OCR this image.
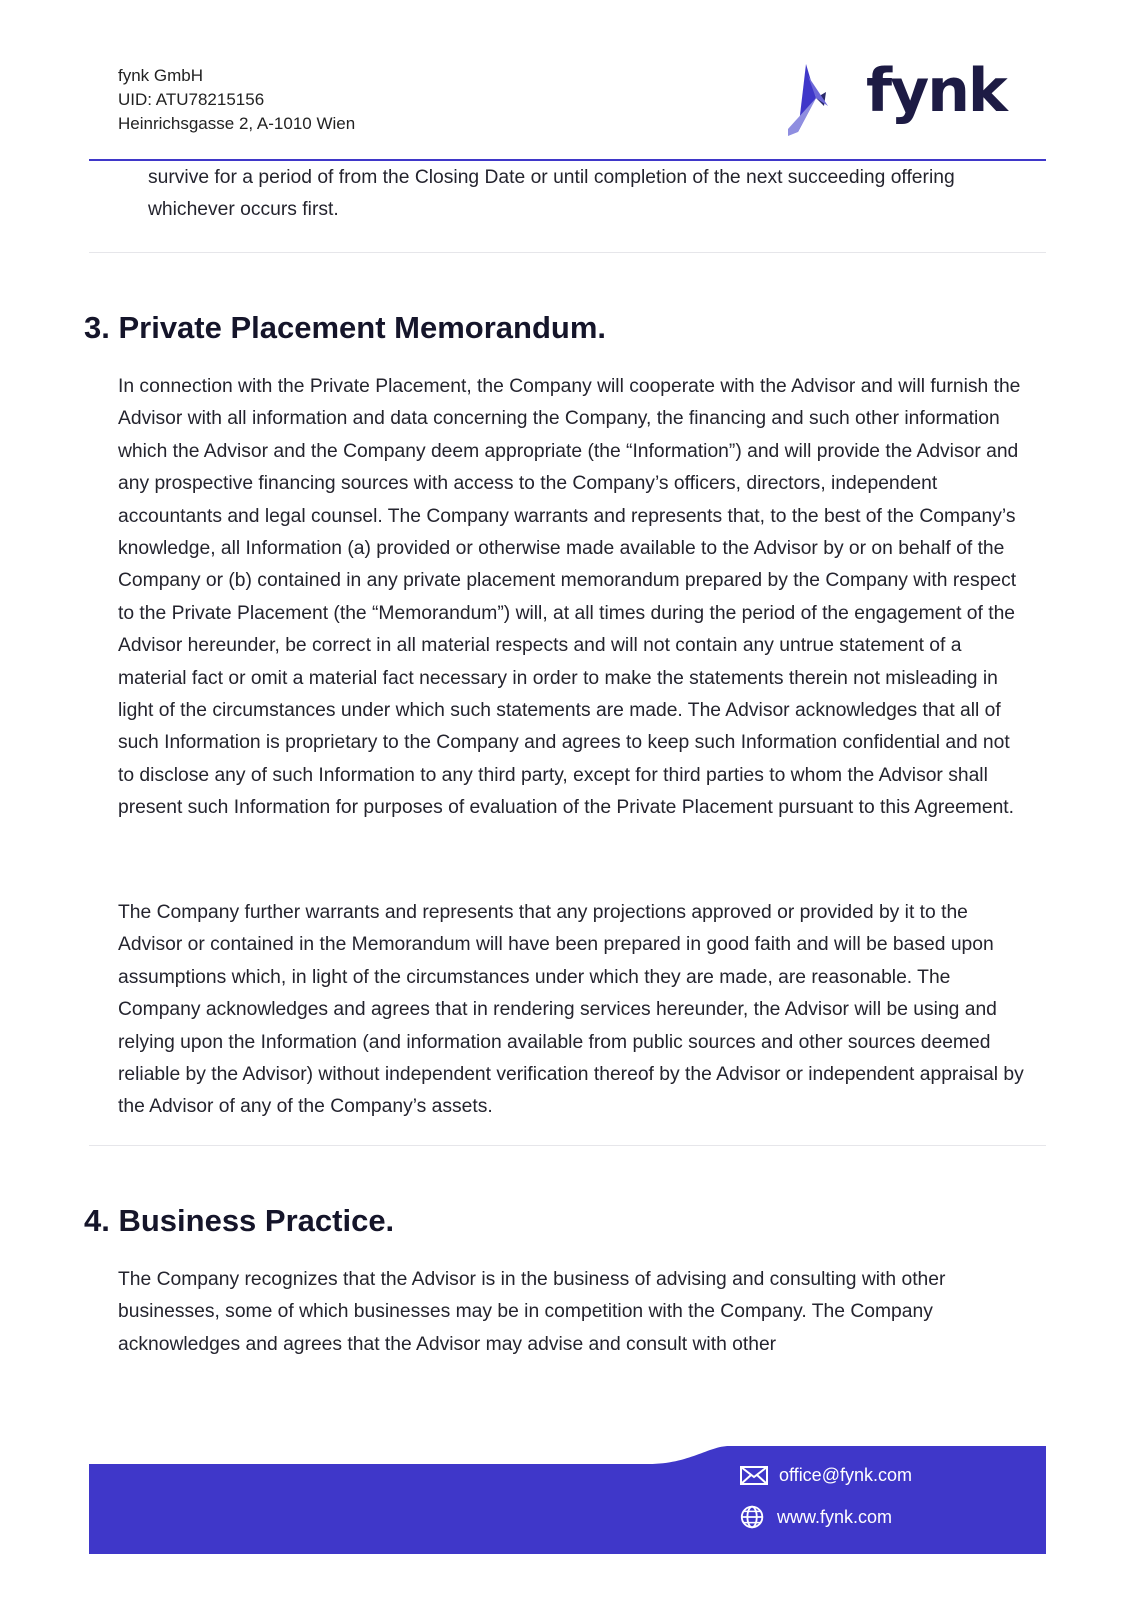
fynk GmbH
UID: ATU78215156
Heinrichsgasse 2, A-1010 Wien	fynk
survive for a period of from the Closing Date or until completion of the next succeeding offering whichever occurs first.
3. Private Placement Memorandum.
In connection with the Private Placement, the Company will cooperate with the Advisor and will furnish the Advisor with all information and data concerning the Company, the financing and such other information which the Advisor and the Company deem appropriate (the “Information”) and will provide the Advisor and any prospective financing sources with access to the Company’s officers, directors, independent accountants and legal counsel. The Company warrants and represents that, to the best of the Company’s knowledge, all Information (a) provided or otherwise made available to the Advisor by or on behalf of the Company or (b) contained in any private placement memorandum prepared by the Company with respect to the Private Placement (the “Memorandum”) will, at all times during the period of the engagement of the Advisor hereunder, be correct in all material respects and will not contain any untrue statement of a material fact or omit a material fact necessary in order to make the statements therein not misleading in light of the circumstances under which such statements are made. The Advisor acknowledges that all of such Information is proprietary to the Company and agrees to keep such Information confidential and not to disclose any of such Information to any third party, except for third parties to whom the Advisor shall present such Information for purposes of evaluation of the Private Placement pursuant to this Agreement.
The Company further warrants and represents that any projections approved or provided by it to the Advisor or contained in the Memorandum will have been prepared in good faith and will be based upon assumptions which, in light of the circumstances under which they are made, are reasonable. The Company acknowledges and agrees that in rendering services hereunder, the Advisor will be using and relying upon the Information (and information available from public sources and other sources deemed reliable by the Advisor) without independent verification thereof by the Advisor or independent appraisal by the Advisor of any of the Company’s assets.
4. Business Practice.
The Company recognizes that the Advisor is in the business of advising and consulting with other businesses, some of which businesses may be in competition with the Company. The Company acknowledges and agrees that the Advisor may advise and consult with other
office@fynk.com
www.fynk.com
